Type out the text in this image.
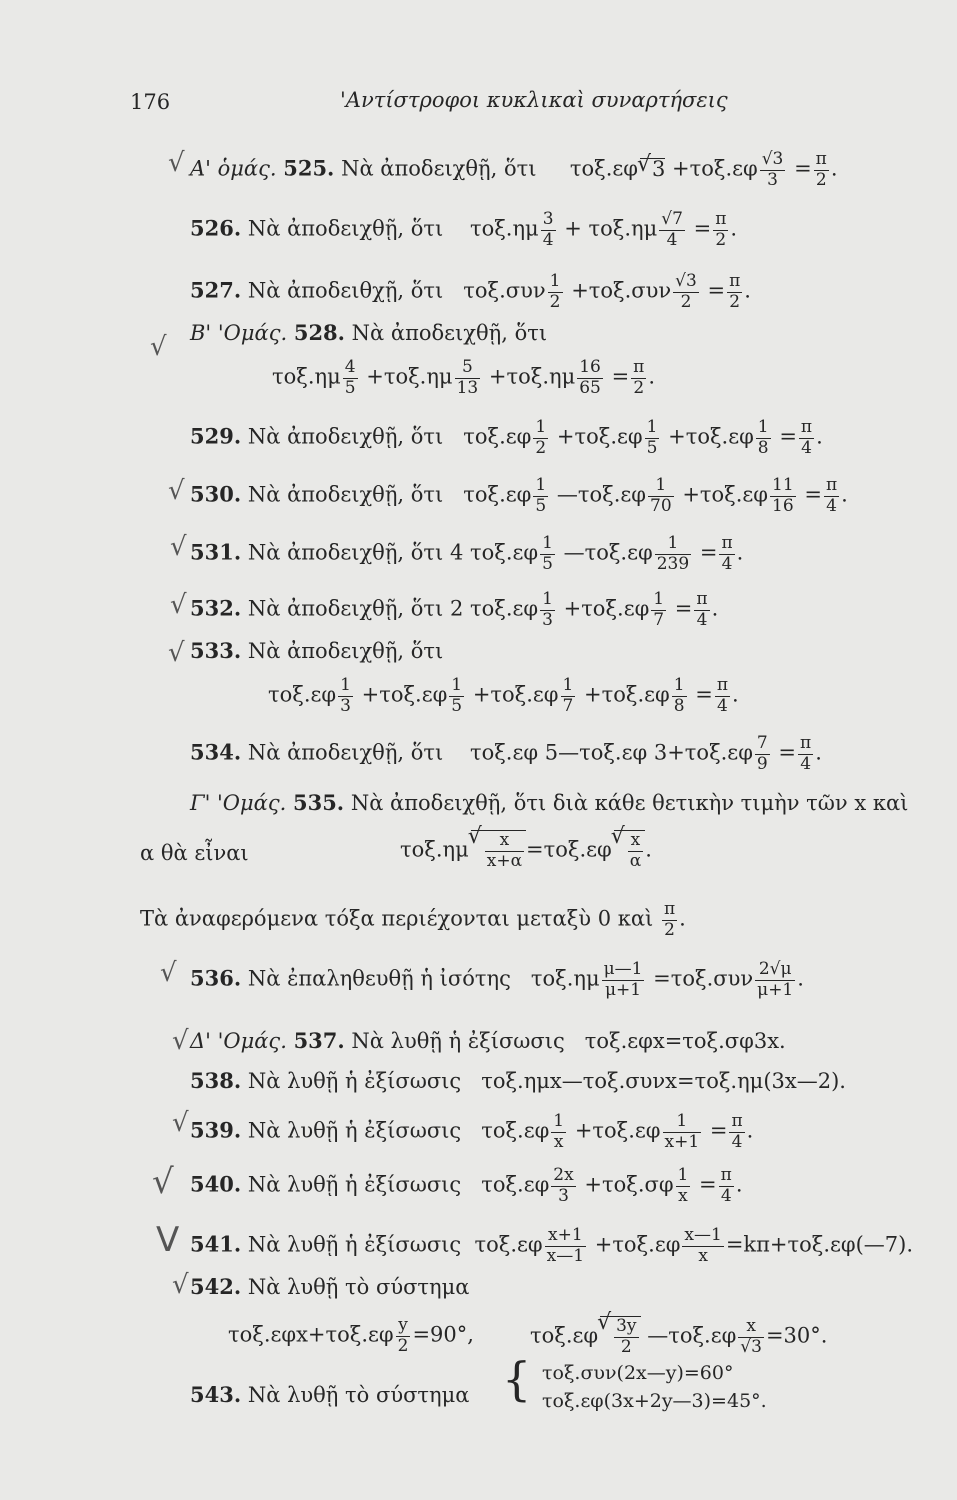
176	'Αντίστροφοι κυκλικαὶ συναρτήσεις
Α' ὁμάς. 525. Νὰ ἀποδειχθῇ, ὅτι τοξ.εφ √ $3 +\tau o\xi.\varepsilon\varphi \frac{√3}{3} = \frac{\pi}{2}$ .
526. Νὰ ἀποδειχθῇ, ὅτι $\tau o\xi.\eta\mu \frac{3}{4} + \tau o\xi.\eta\mu \frac{√7}{4} = \frac{\pi}{2}$ .
527. Νὰ ἀποδειθχῇ, ὅτι $\tau o\xi.\sigma\upsilon\nu \frac{1}{2} +\tau o\xi.\sigma\upsilon\nu \frac{√3}{2} = \frac{\pi}{2}$ .
Β' 'Ομάς. 528. Νὰ ἀποδειχθῇ, ὅτι
$\tau o\xi.\eta\mu \frac{4}{5} +\tau o\xi.\eta\mu \frac{5}{13} +\tau o\xi.\eta\mu \frac{16}{65} = \frac{\pi}{2}$ .
529. Νὰ ἀποδειχθῇ, ὅτι $\tau o\xi.\varepsilon\varphi \frac{1}{2} +\tau o\xi.\varepsilon\varphi \frac{1}{5} +\tau o\xi.\varepsilon\varphi \frac{1}{8} = \frac{\pi}{4}$ .
530. Νὰ ἀποδειχθῇ, ὅτι $\tau o\xi.\varepsilon\varphi \frac{1}{5}$ —τοξ.εφ $\frac{1}{70} +\tau o\xi.\varepsilon\varphi \frac{11}{16} = \frac{\pi}{4}$ .
531. Νὰ ἀποδειχθῇ, ὅτι 4 $\tau o\xi.\varepsilon\varphi \frac{1}{5}$ —τοξ.εφ $\frac{1}{239} = \frac{\pi}{4}$ .
532. Νὰ ἀποδειχθῇ, ὅτι 2 $\tau o\xi.\varepsilon\varphi \frac{1}{3} +\tau o\xi.\varepsilon\varphi \frac{1}{7} = \frac{\pi}{4}$ .
533. Νὰ ἀποδειχθῇ, ὅτι
$\tau o\xi.\varepsilon\varphi \frac{1}{3} +\tau o\xi.\varepsilon\varphi \frac{1}{5} +\tau o\xi.\varepsilon\varphi \frac{1}{7} +\tau o\xi.\varepsilon\varphi \frac{1}{8} = \frac{\pi}{4}$ .
534. Νὰ ἀποδειχθῇ, ὅτι τοξ.εφ 5—τοξ.εφ $3+\tau o\xi.\varepsilon\varphi \frac{7}{9} = \frac{\pi}{4}$ .
Γ' 'Ομάς. 535. Νὰ ἀποδειχθῇ, ὅτι διὰ κάθε θετικὴν τιμὴν τῶν x καὶ
α θὰ εἶναι	τοξ.ημ √ $\frac{x}{x+\alpha} =\tau o\xi.\varepsilon\varphi$ √ $\frac{x}{\alpha}$ .
Τὰ ἀναφερόμενα τόξα περιέχονται μεταξὺ 0 καὶ $\frac{\pi}{2}$ .
536. Νὰ ἐπαληθευθῇ ἡ ἰσότης $\tau o\xi.\eta\mu \frac{\mu—1}{\mu+1} =\tau o\xi.\sigma\upsilon\nu \frac{2√\mu}{\mu+1}$ .
Δ' 'Ομάς. 537. Νὰ λυθῇ ἡ ἐξίσωσις τοξ.εφx=τοξ.σφ3x.
538. Νὰ λυθῇ ἡ ἐξίσωσις τοξ.ημx—τοξ.συνx=τοξ.ημ(3x—2).
539. Νὰ λυθῇ ἡ ἐξίσωσις $\tau o\xi.\varepsilon\varphi \frac{1}{x} +\tau o\xi.\varepsilon\varphi \frac{1}{x+1} = \frac{\pi}{4}$ .
540. Νὰ λυθῇ ἡ ἐξίσωσις $\tau o\xi.\varepsilon\varphi \frac{2x}{3} +\tau o\xi.\sigma\varphi \frac{1}{x} = \frac{\pi}{4}$ .
541. Νὰ λυθῇ ἡ ἐξίσωσις $\tau o\xi.\varepsilon\varphi \frac{x+1}{x—1} +\tau o\xi.\varepsilon\varphi \frac{x—1}{x}$ =kπ+τοξ.εφ(—7).
542. Νὰ λυθῇ τὸ σύστημα
$\tau o\xi.\varepsilon\varphi x+\tau o\xi.\varepsilon\varphi \frac{y}{2} =90^\circ$,	τοξ.εφ √ $\frac{3y}{2}$ —τοξ.εφ $\frac{x}{√3} =30^\circ$.
543. Νὰ λυθῇ τὸ σύστημα { τοξ.συν(2x—y)=60°
τοξ.εφ(3x+2y—3)=45°.
√
√
√
√
√
√
√
√
√
√
V
√
